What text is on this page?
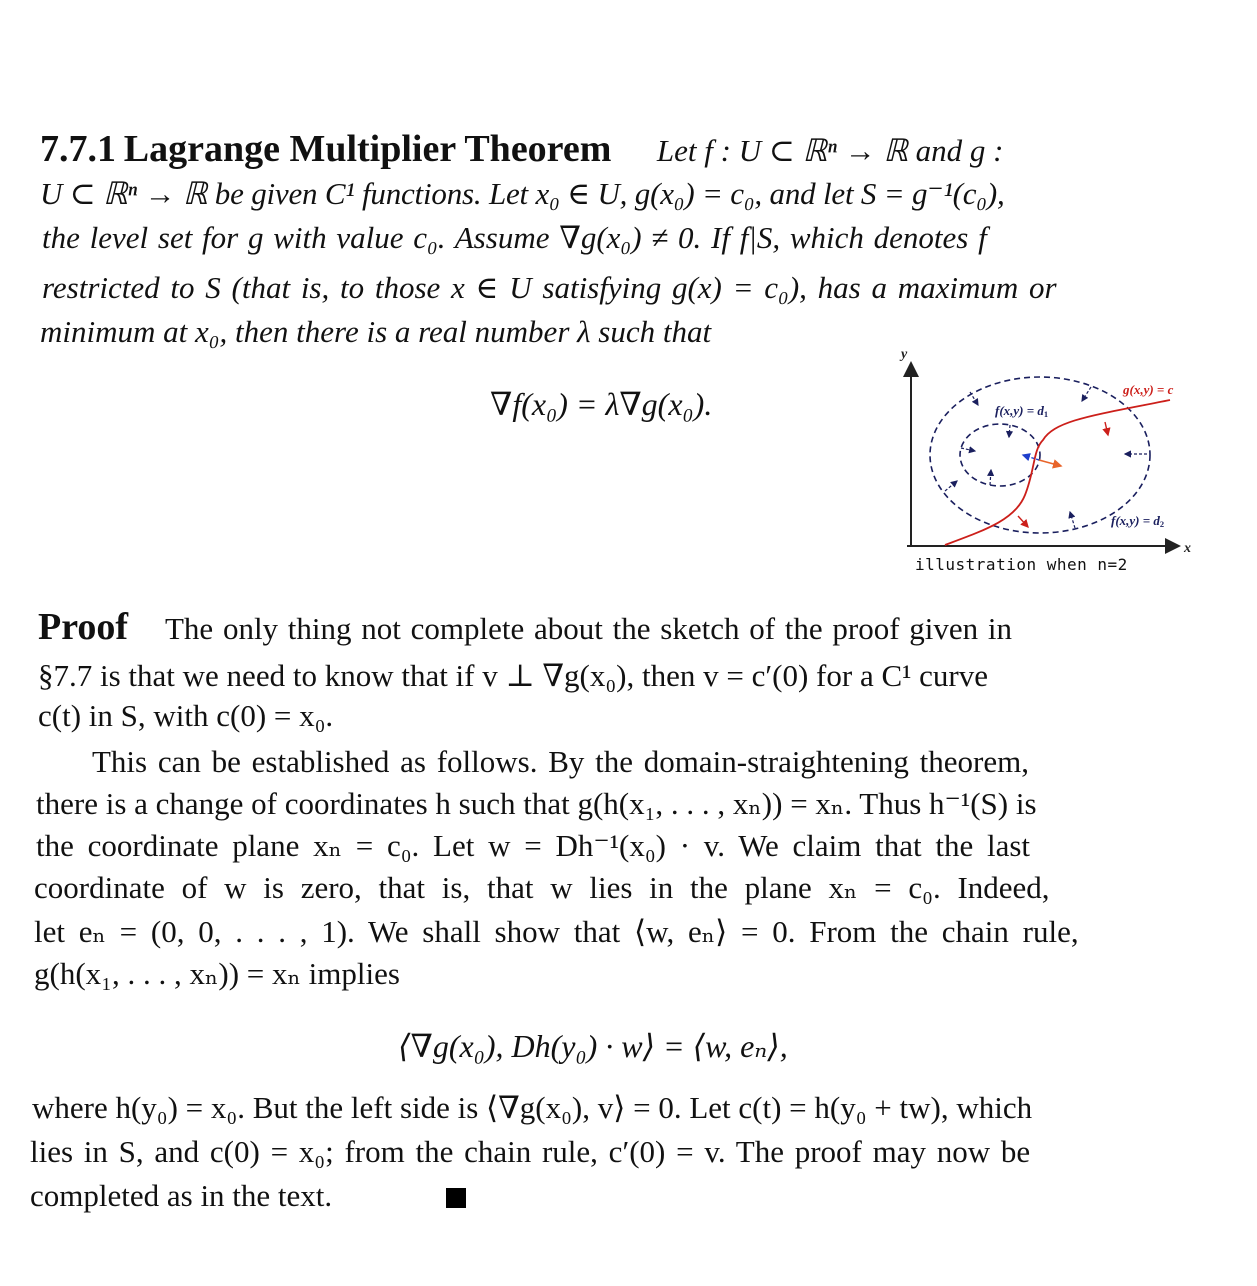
7.7.1 Lagrange Multiplier Theorem Let f : U ⊂ ℝⁿ → ℝ and g :
U ⊂ ℝⁿ → ℝ be given C¹ functions. Let x₀ ∈ U, g(x₀) = c₀, and let S = g⁻¹(c₀),
the level set for g with value c₀. Assume ∇g(x₀) ≠ 0. If f|S, which denotes f
restricted to S (that is, to those x ∈ U satisfying g(x) = c₀), has a maximum or
minimum at x₀, then there is a real number λ such that
∇f(x₀) = λ∇g(x₀).
y
x
g(x,y) = c
$f(x,y) = d_1$
$f(x,y) = d_2$
illustration when n=2
Proof The only thing not complete about the sketch of the proof given in
§7.7 is that we need to know that if v ⊥ ∇g(x₀), then v = c′(0) for a C¹ curve
c(t) in S, with c(0) = x₀.
This can be established as follows. By the domain-straightening theorem,
there is a change of coordinates h such that g(h(x₁, . . . , xₙ)) = xₙ. Thus h⁻¹(S) is
the coordinate plane xₙ = c₀. Let w = Dh⁻¹(x₀) · v. We claim that the last
coordinate of w is zero, that is, that w lies in the plane xₙ = c₀. Indeed,
let eₙ = (0, 0, . . . , 1). We shall show that ⟨w, eₙ⟩ = 0. From the chain rule,
g(h(x₁, . . . , xₙ)) = xₙ implies
⟨∇g(x₀), Dh(y₀) · w⟩ = ⟨w, eₙ⟩,
where h(y₀) = x₀. But the left side is ⟨∇g(x₀), v⟩ = 0. Let c(t) = h(y₀ + tw), which
lies in S, and c(0) = x₀; from the chain rule, c′(0) = v. The proof may now be
completed as in the text.
